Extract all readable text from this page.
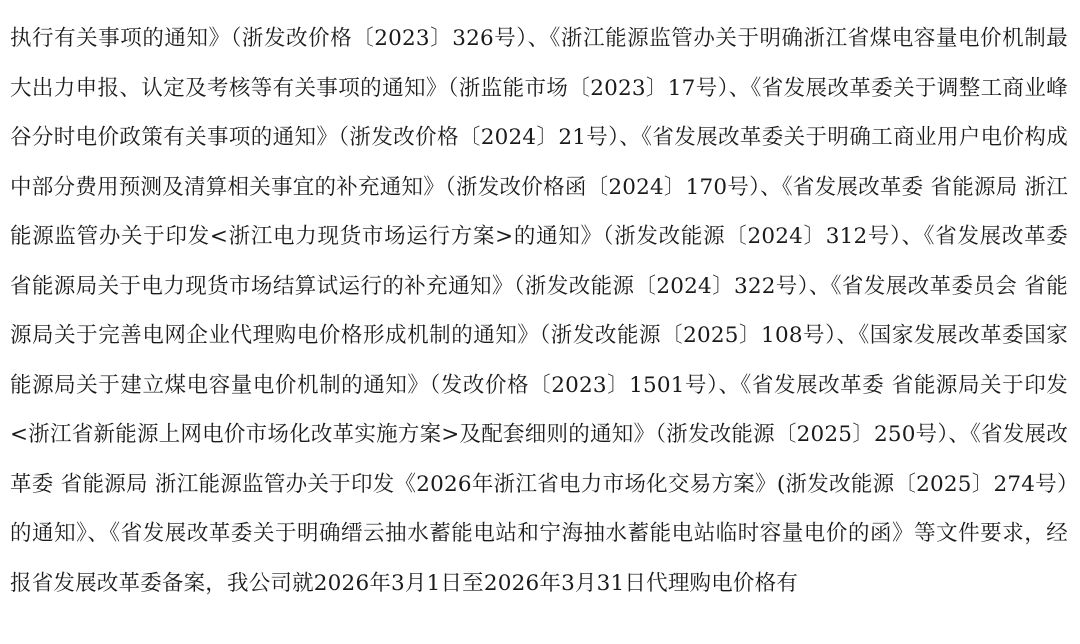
执行有关事项的通知》（浙发改价格〔2023〕326号）、《浙江能源监管办关于明确浙江省煤电容量电价机制最大出力申报、认定及考核等有关事项的通知》（浙监能市场〔2023〕17号）、《省发展改革委关于调整工商业峰谷分时电价政策有关事项的通知》（浙发改价格〔2024〕21号）、《省发展改革委关于明确工商业用户电价构成中部分费用预测及清算相关事宜的补充通知》（浙发改价格函〔2024〕170号）、《省发展改革委 省能源局 浙江能源监管办关于印发<浙江电力现货市场运行方案>的通知》（浙发改能源〔2024〕312号）、《省发展改革委 省能源局关于电力现货市场结算试运行的补充通知》（浙发改能源〔2024〕322号）、《省发展改革委员会 省能源局关于完善电网企业代理购电价格形成机制的通知》（浙发改能源〔2025〕108号）、《国家发展改革委国家能源局关于建立煤电容量电价机制的通知》（发改价格〔2023〕1501号）、《省发展改革委 省能源局关于印发<浙江省新能源上网电价市场化改革实施方案>及配套细则的通知》（浙发改能源〔2025〕250号）、《省发展改革委 省能源局 浙江能源监管办关于印发《2026年浙江省电力市场化交易方案》(浙发改能源〔2025〕274号）的通知》、《省发展改革委关于明确缙云抽水蓄能电站和宁海抽水蓄能电站临时容量电价的函》等文件要求，经报省发展改革委备案，我公司就2026年3月1日至2026年3月31日代理购电价格有
